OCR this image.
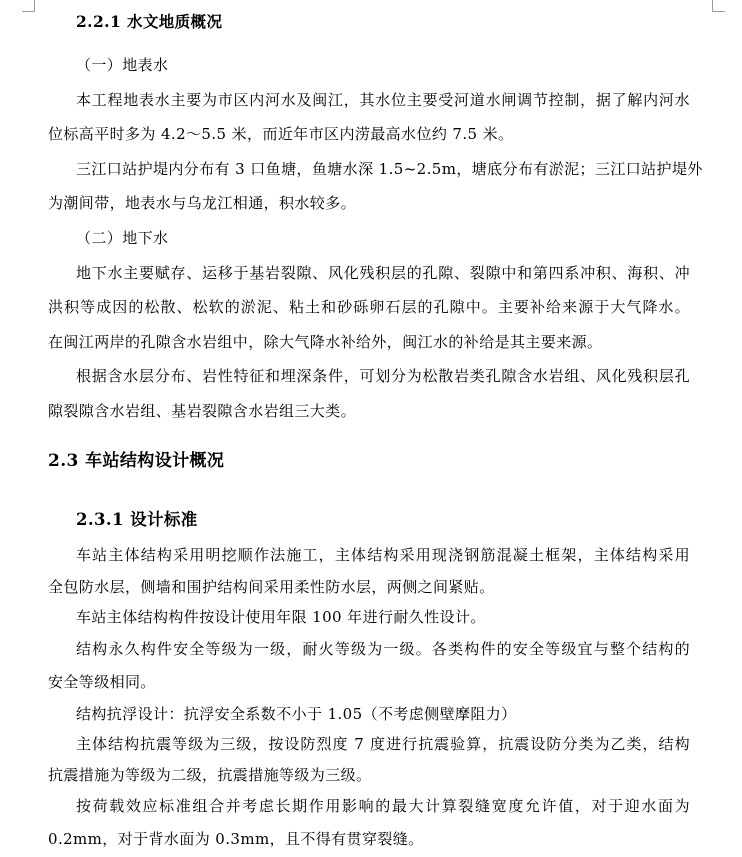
2.2.1 水文地质概况
（一）地表水
本工程地表水主要为市区内河水及闽江，其水位主要受河道水闸调节控制，据了解内河水
位标高平时多为 4.2～5.5 米，而近年市区内涝最高水位约 7.5 米。
三江口站护堤内分布有 3 口鱼塘，鱼塘水深 1.5~2.5m，塘底分布有淤泥；三江口站护堤外
为潮间带，地表水与乌龙江相通，积水较多。
（二）地下水
地下水主要赋存、运移于基岩裂隙、风化残积层的孔隙、裂隙中和第四系冲积、海积、冲
洪积等成因的松散、松软的淤泥、粘土和砂砾卵石层的孔隙中。主要补给来源于大气降水。
在闽江两岸的孔隙含水岩组中，除大气降水补给外，闽江水的补给是其主要来源。
根据含水层分布、岩性特征和埋深条件，可划分为松散岩类孔隙含水岩组、风化残积层孔
隙裂隙含水岩组、基岩裂隙含水岩组三大类。
2.3 车站结构设计概况
2.3.1 设计标准
车站主体结构采用明挖顺作法施工，主体结构采用现浇钢筋混凝土框架，主体结构采用
全包防水层，侧墙和围护结构间采用柔性防水层，两侧之间紧贴。
车站主体结构构件按设计使用年限 100 年进行耐久性设计。
结构永久构件安全等级为一级，耐火等级为一级。各类构件的安全等级宜与整个结构的
安全等级相同。
结构抗浮设计：抗浮安全系数不小于 1.05（不考虑侧壁摩阻力）
主体结构抗震等级为三级，按设防烈度 7 度进行抗震验算，抗震设防分类为乙类，结构
抗震措施为等级为二级，抗震措施等级为三级。
按荷载效应标准组合并考虑长期作用影响的最大计算裂缝宽度允许值，对于迎水面为
0.2mm，对于背水面为 0.3mm，且不得有贯穿裂缝。
